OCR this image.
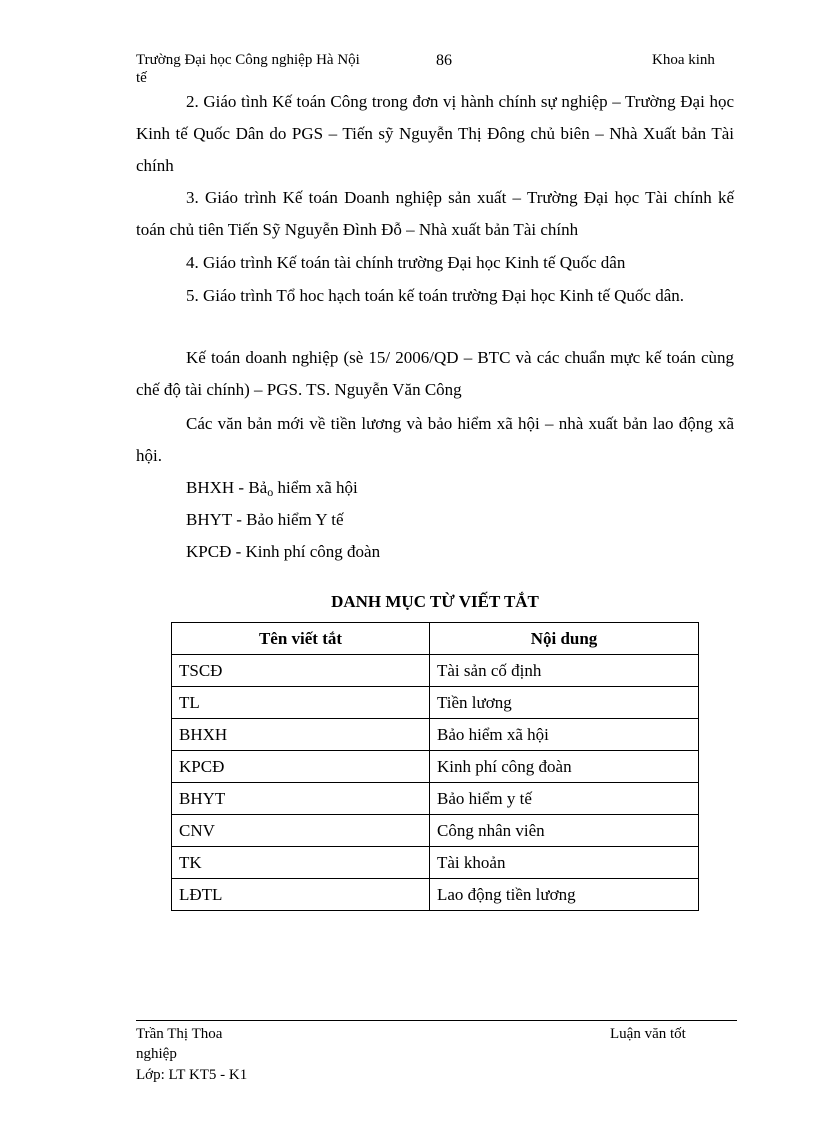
Trường Đại học Công nghiệp Hà Nội	86	Khoa kinh
tế
2. Giáo tình Kế toán Công trong đơn vị hành chính sự nghiệp – Trường Đại học Kinh tế Quốc Dân do PGS – Tiến sỹ Nguyễn Thị Đông chủ biên – Nhà Xuất bản Tài chính
3. Giáo trình Kế toán Doanh nghiệp sản xuất – Trường Đại học Tài chính kế toán chủ tiên Tiến Sỹ Nguyễn Đình Đỗ – Nhà xuất bản Tài chính
4. Giáo trình Kế toán tài chính trường Đại học Kinh tế Quốc dân
5. Giáo trình Tổ hoc hạch toán kế toán trường Đại học Kinh tế Quốc dân.
Kế toán doanh nghiệp (sè 15/ 2006/QD – BTC và các chuẩn mực kế toán cùng chế độ tài chính) – PGS. TS. Nguyễn Văn Công
Các văn bản mới về tiền lương và bảo hiểm xã hội – nhà xuất bản lao động xã hội.
BHXH - Bả$_o$ hiểm xã hội
BHYT - Bảo hiểm Y tế
KPCĐ - Kinh phí công đoàn
DANH MỤC TỪ VIẾT TẮT
Tên viết tắt	Nội dung
TSCĐ	Tài sản cố định
TL	Tiền lương
BHXH	Bảo hiểm xã hội
KPCĐ	Kinh phí công đoàn
BHYT	Bảo hiểm y tế
CNV	Công nhân viên
TK	Tài khoản
LĐTL	Lao động tiền lương
Trần Thị Thoa	Luận văn tốt
nghiệp
Lớp: LT KT5 - K1
